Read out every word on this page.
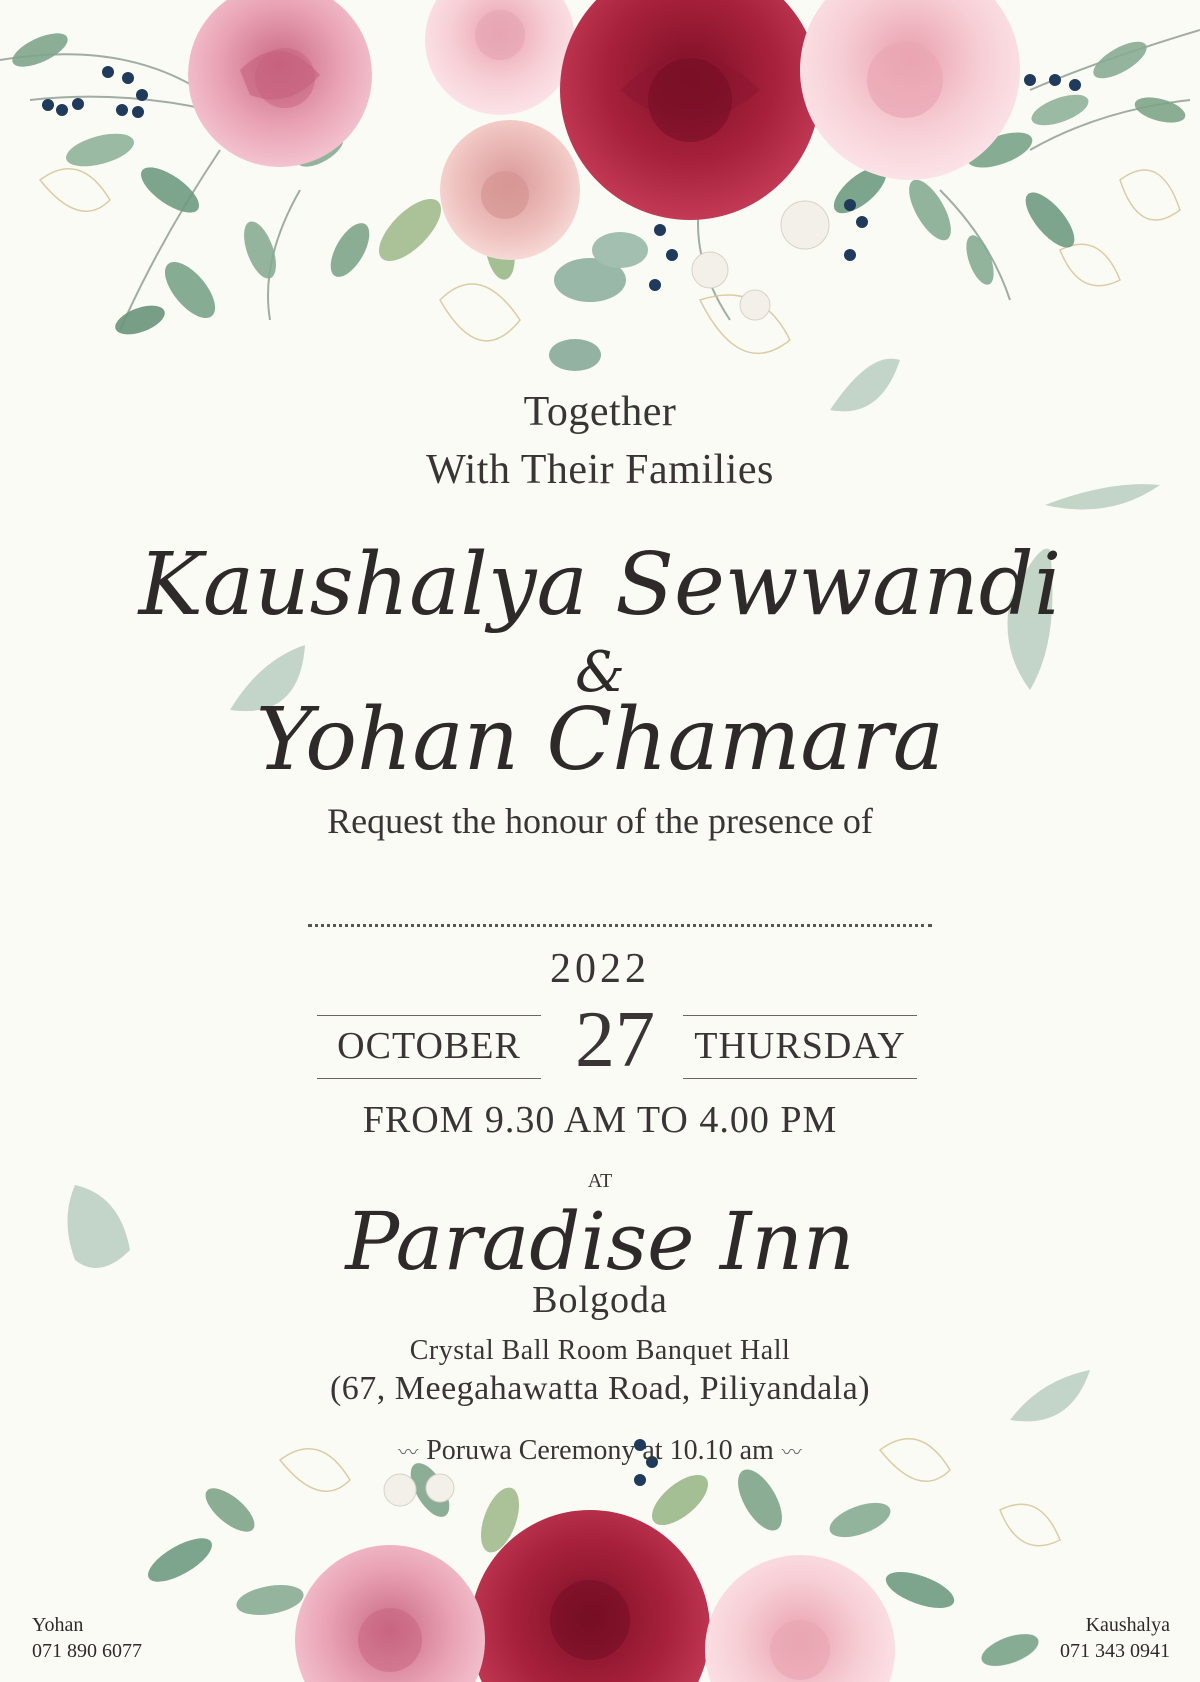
Together
With Their Families
Kaushalya Sewwandi
&
Yohan Chamara
Request the honour of the presence of
2022
OCTOBER 27	THURSDAY
FROM 9.30 AM TO 4.00 PM
AT
Paradise Inn
Bolgoda
Crystal Ball Room Banquet Hall
(67, Meegahawatta Road, Piliyandala)
〰 Poruwa Ceremony at 10.10 am 〰
Yohan
071 890 6077
Kaushalya
071 343 0941
